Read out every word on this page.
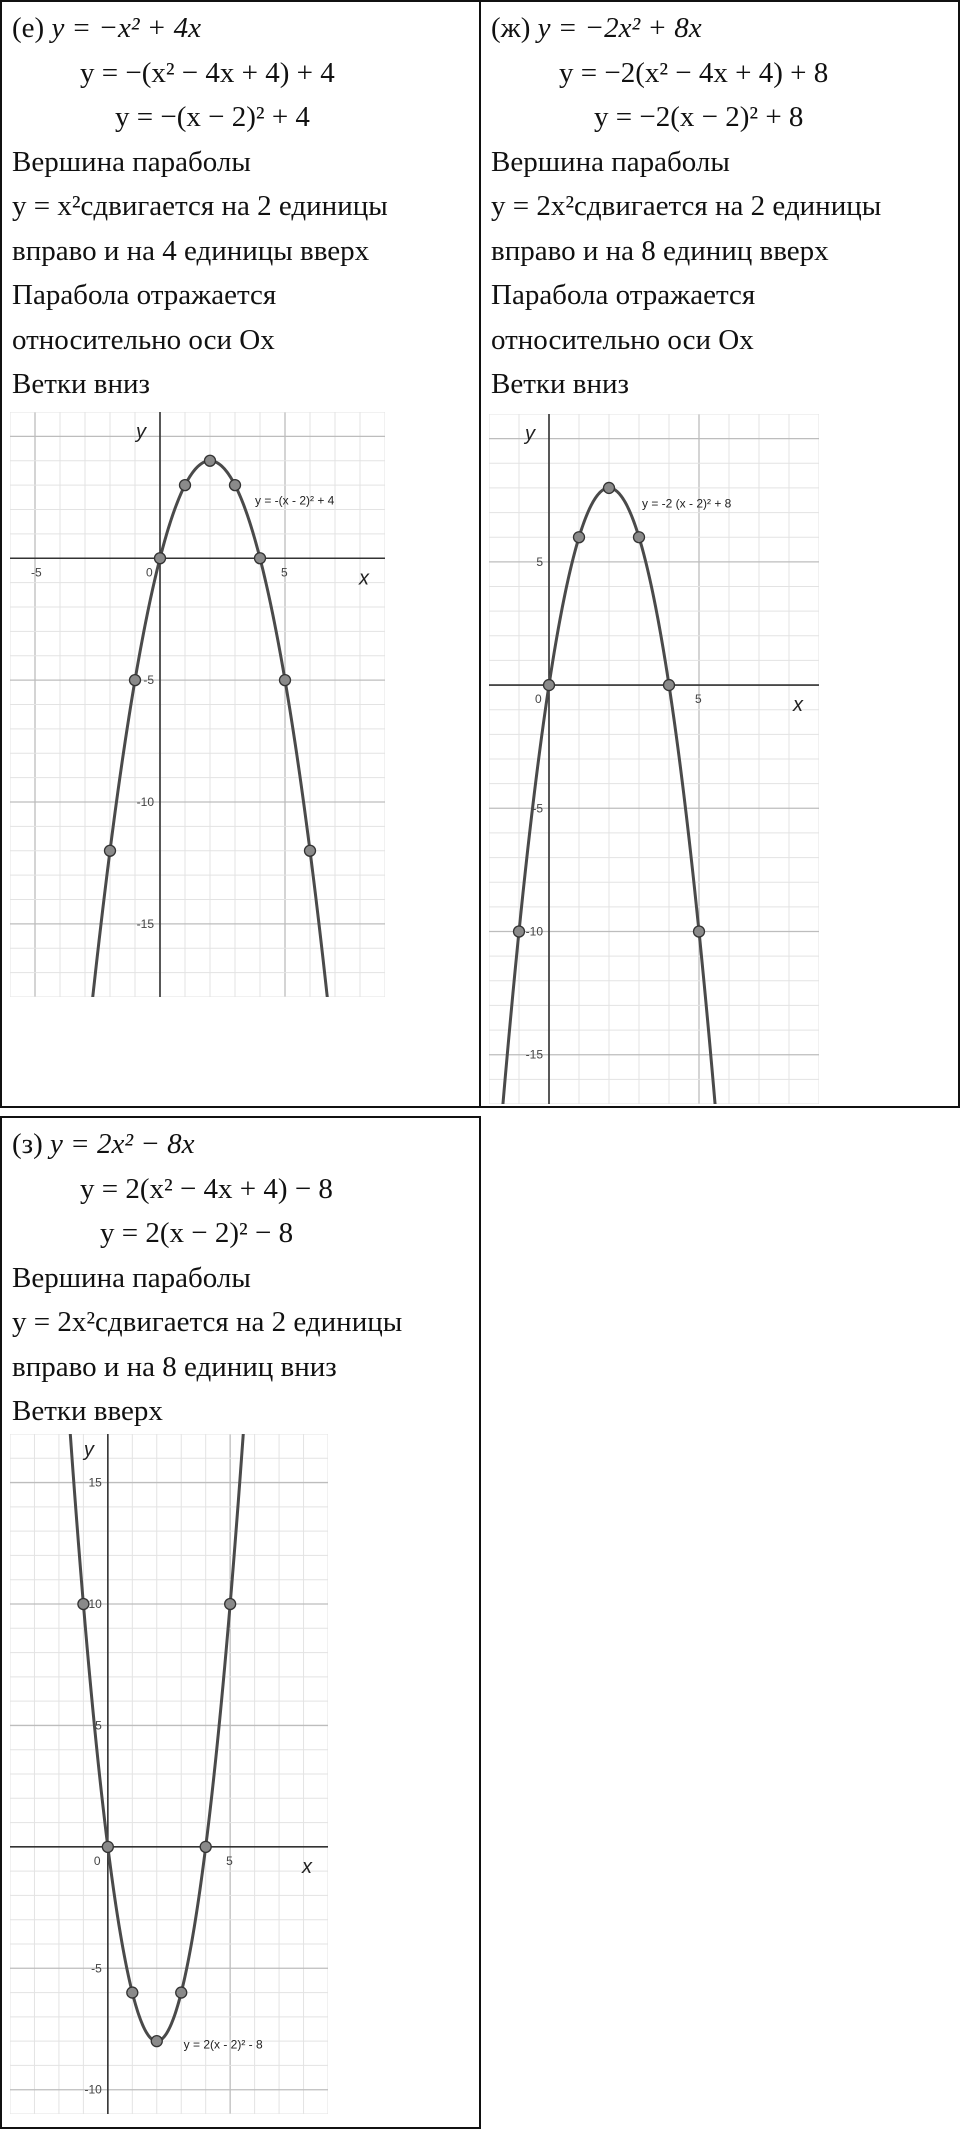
(е) y = −x² + 4x
y = −(x² − 4x + 4) + 4
y = −(x − 2)² + 4
Вершина параболы
y = x²сдвигается на 2 единицы
вправо и на 4 единицы вверх
Парабола отражается
относительно оси Ox
Ветки вниз
-5	0	5
-5
-10
-15
x
y
y = -(x - 2)² + 4
(ж) y = −2x² + 8x
y = −2(x² − 4x + 4) + 8
y = −2(x − 2)² + 8
Вершина параболы
y = 2x²сдвигается на 2 единицы
вправо и на 8 единиц вверх
Парабола отражается
относительно оси Ox
Ветки вниз
0	5
5
-5
-10
-15
x
y
y = -2 (x - 2)² + 8
(з) y = 2x² − 8x
y = 2(x² − 4x + 4) − 8
y = 2(x − 2)² − 8
Вершина параболы
y = 2x²сдвигается на 2 единицы
вправо и на 8 единиц вниз
Ветки вверх
0	5
15
10
5
-5
-10
x
y
y = 2(x - 2)² - 8
